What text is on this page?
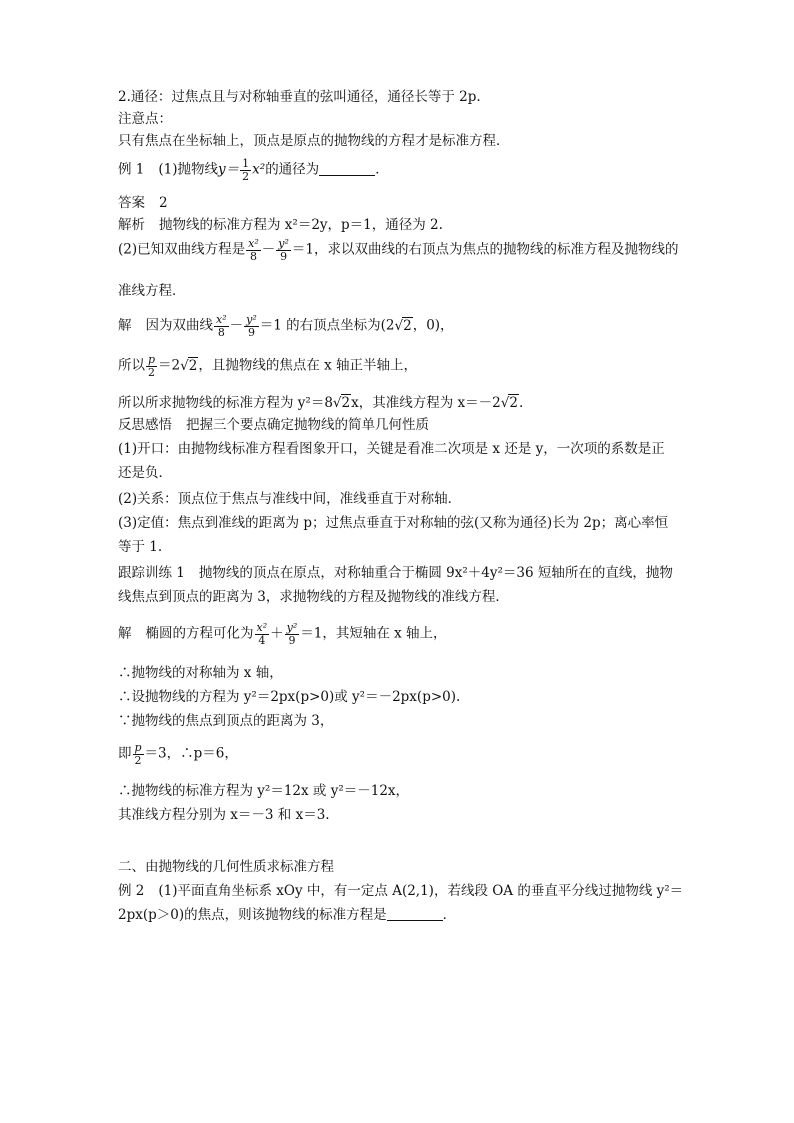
2.通径：过焦点且与对称轴垂直的弦叫通径，通径长等于 2p.
注意点：
只有焦点在坐标轴上，顶点是原点的抛物线的方程才是标准方程．
例 1 (1)抛物线$y= \frac{1}{2} x^2$的通径为	．
答案 2
解析 抛物线的标准方程为 x²＝2y，p＝1，通径为 2.
(2)已知双曲线方程是 $\frac{\text{x²}}{8} - \frac{\text{y²}}{9} =1$，求以双曲线的右顶点为焦点的抛物线的标准方程及抛物线的
准线方程．
解 因为双曲线 $\frac{\text{x²}}{8} - \frac{\text{y²}}{9} =1$ 的右顶点坐标为(2√2，0)，
所以 $\frac{p}{2} =2√2$，且抛物线的焦点在 x 轴正半轴上，
所以所求抛物线的标准方程为 y²＝8√2x，其准线方程为 x＝－2√2.
反思感悟 把握三个要点确定抛物线的简单几何性质
(1)开口：由抛物线标准方程看图象开口，关键是看准二次项是 x 还是 y，一次项的系数是正
还是负．
(2)关系：顶点位于焦点与准线中间，准线垂直于对称轴．
(3)定值：焦点到准线的距离为 p；过焦点垂直于对称轴的弦(又称为通径)长为 2p；离心率恒
等于 1.
跟踪训练 1 抛物线的顶点在原点，对称轴重合于椭圆 9x²＋4y²＝36 短轴所在的直线，抛物
线焦点到顶点的距离为 3，求抛物线的方程及抛物线的准线方程．
解 椭圆的方程可化为 $\frac{\text{x²}}{4} + \frac{\text{y²}}{9} =1$，其短轴在 x 轴上，
∴抛物线的对称轴为 x 轴，
∴设抛物线的方程为 y²＝2px(p>0)或 y²＝－2px(p>0).
∵抛物线的焦点到顶点的距离为 3，
即 $\frac{p}{2} =3$，∴p＝6，
∴抛物线的标准方程为 y²＝12x 或 y²＝－12x，
其准线方程分别为 x＝－3 和 x＝3.
二、由抛物线的几何性质求标准方程
例 2 (1)平面直角坐标系 xOy 中，有一定点 A(2,1)，若线段 OA 的垂直平分线过抛物线 y²＝
2px(p＞0)的焦点，则该抛物线的标准方程是	．
